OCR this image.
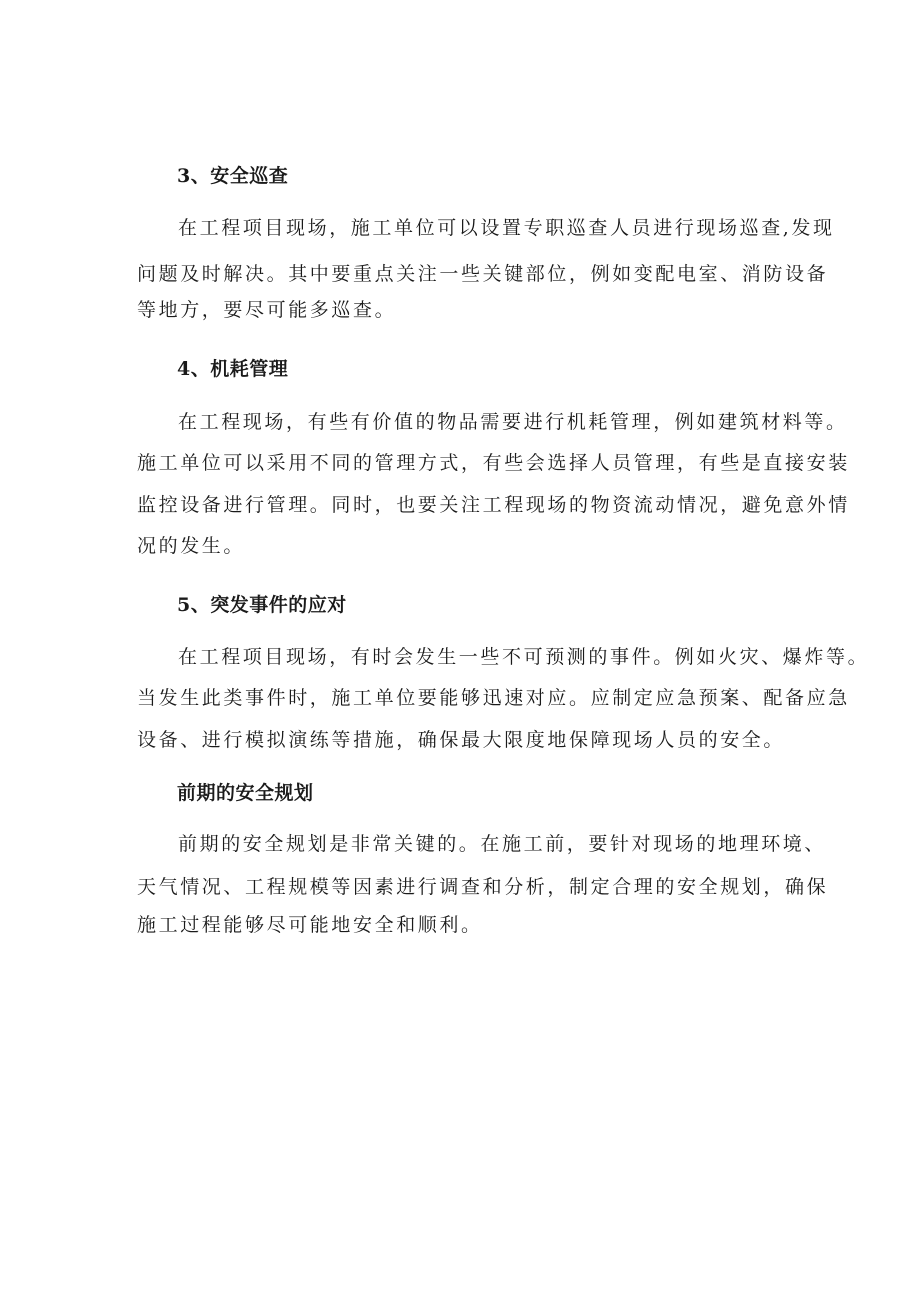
3、安全巡查
在工程项目现场，施工单位可以设置专职巡查人员进行现场巡查,发现
问题及时解决。其中要重点关注一些关键部位，例如变配电室、消防设备
等地方，要尽可能多巡查。
4、机耗管理
在工程现场，有些有价值的物品需要进行机耗管理，例如建筑材料等。
施工单位可以采用不同的管理方式，有些会选择人员管理，有些是直接安装
监控设备进行管理。同时，也要关注工程现场的物资流动情况，避免意外情
况的发生。
5、突发事件的应对
在工程项目现场，有时会发生一些不可预测的事件。例如火灾、爆炸等。
当发生此类事件时，施工单位要能够迅速对应。应制定应急预案、配备应急
设备、进行模拟演练等措施，确保最大限度地保障现场人员的安全。
前期的安全规划
前期的安全规划是非常关键的。在施工前，要针对现场的地理环境、
天气情况、工程规模等因素进行调查和分析，制定合理的安全规划，确保
施工过程能够尽可能地安全和顺利。
